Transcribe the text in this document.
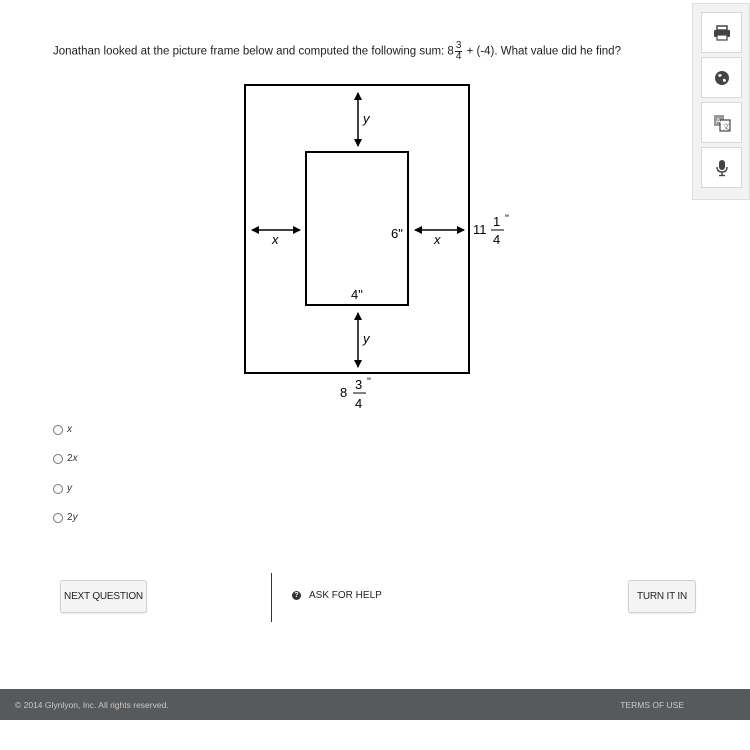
Jonathan looked at the picture frame below and computed the following sum: $8 \frac{3}{4} + (-4)$. What value did he find?
A
文
y
y
x	x
6"
4"
11
1
4
"
8
3
4
"
x
2x
y
2y
NEXT QUESTION	? ASK FOR HELP	TURN IT IN
© 2014 Glynlyon, Inc. All rights reserved.	TERMS OF USE
